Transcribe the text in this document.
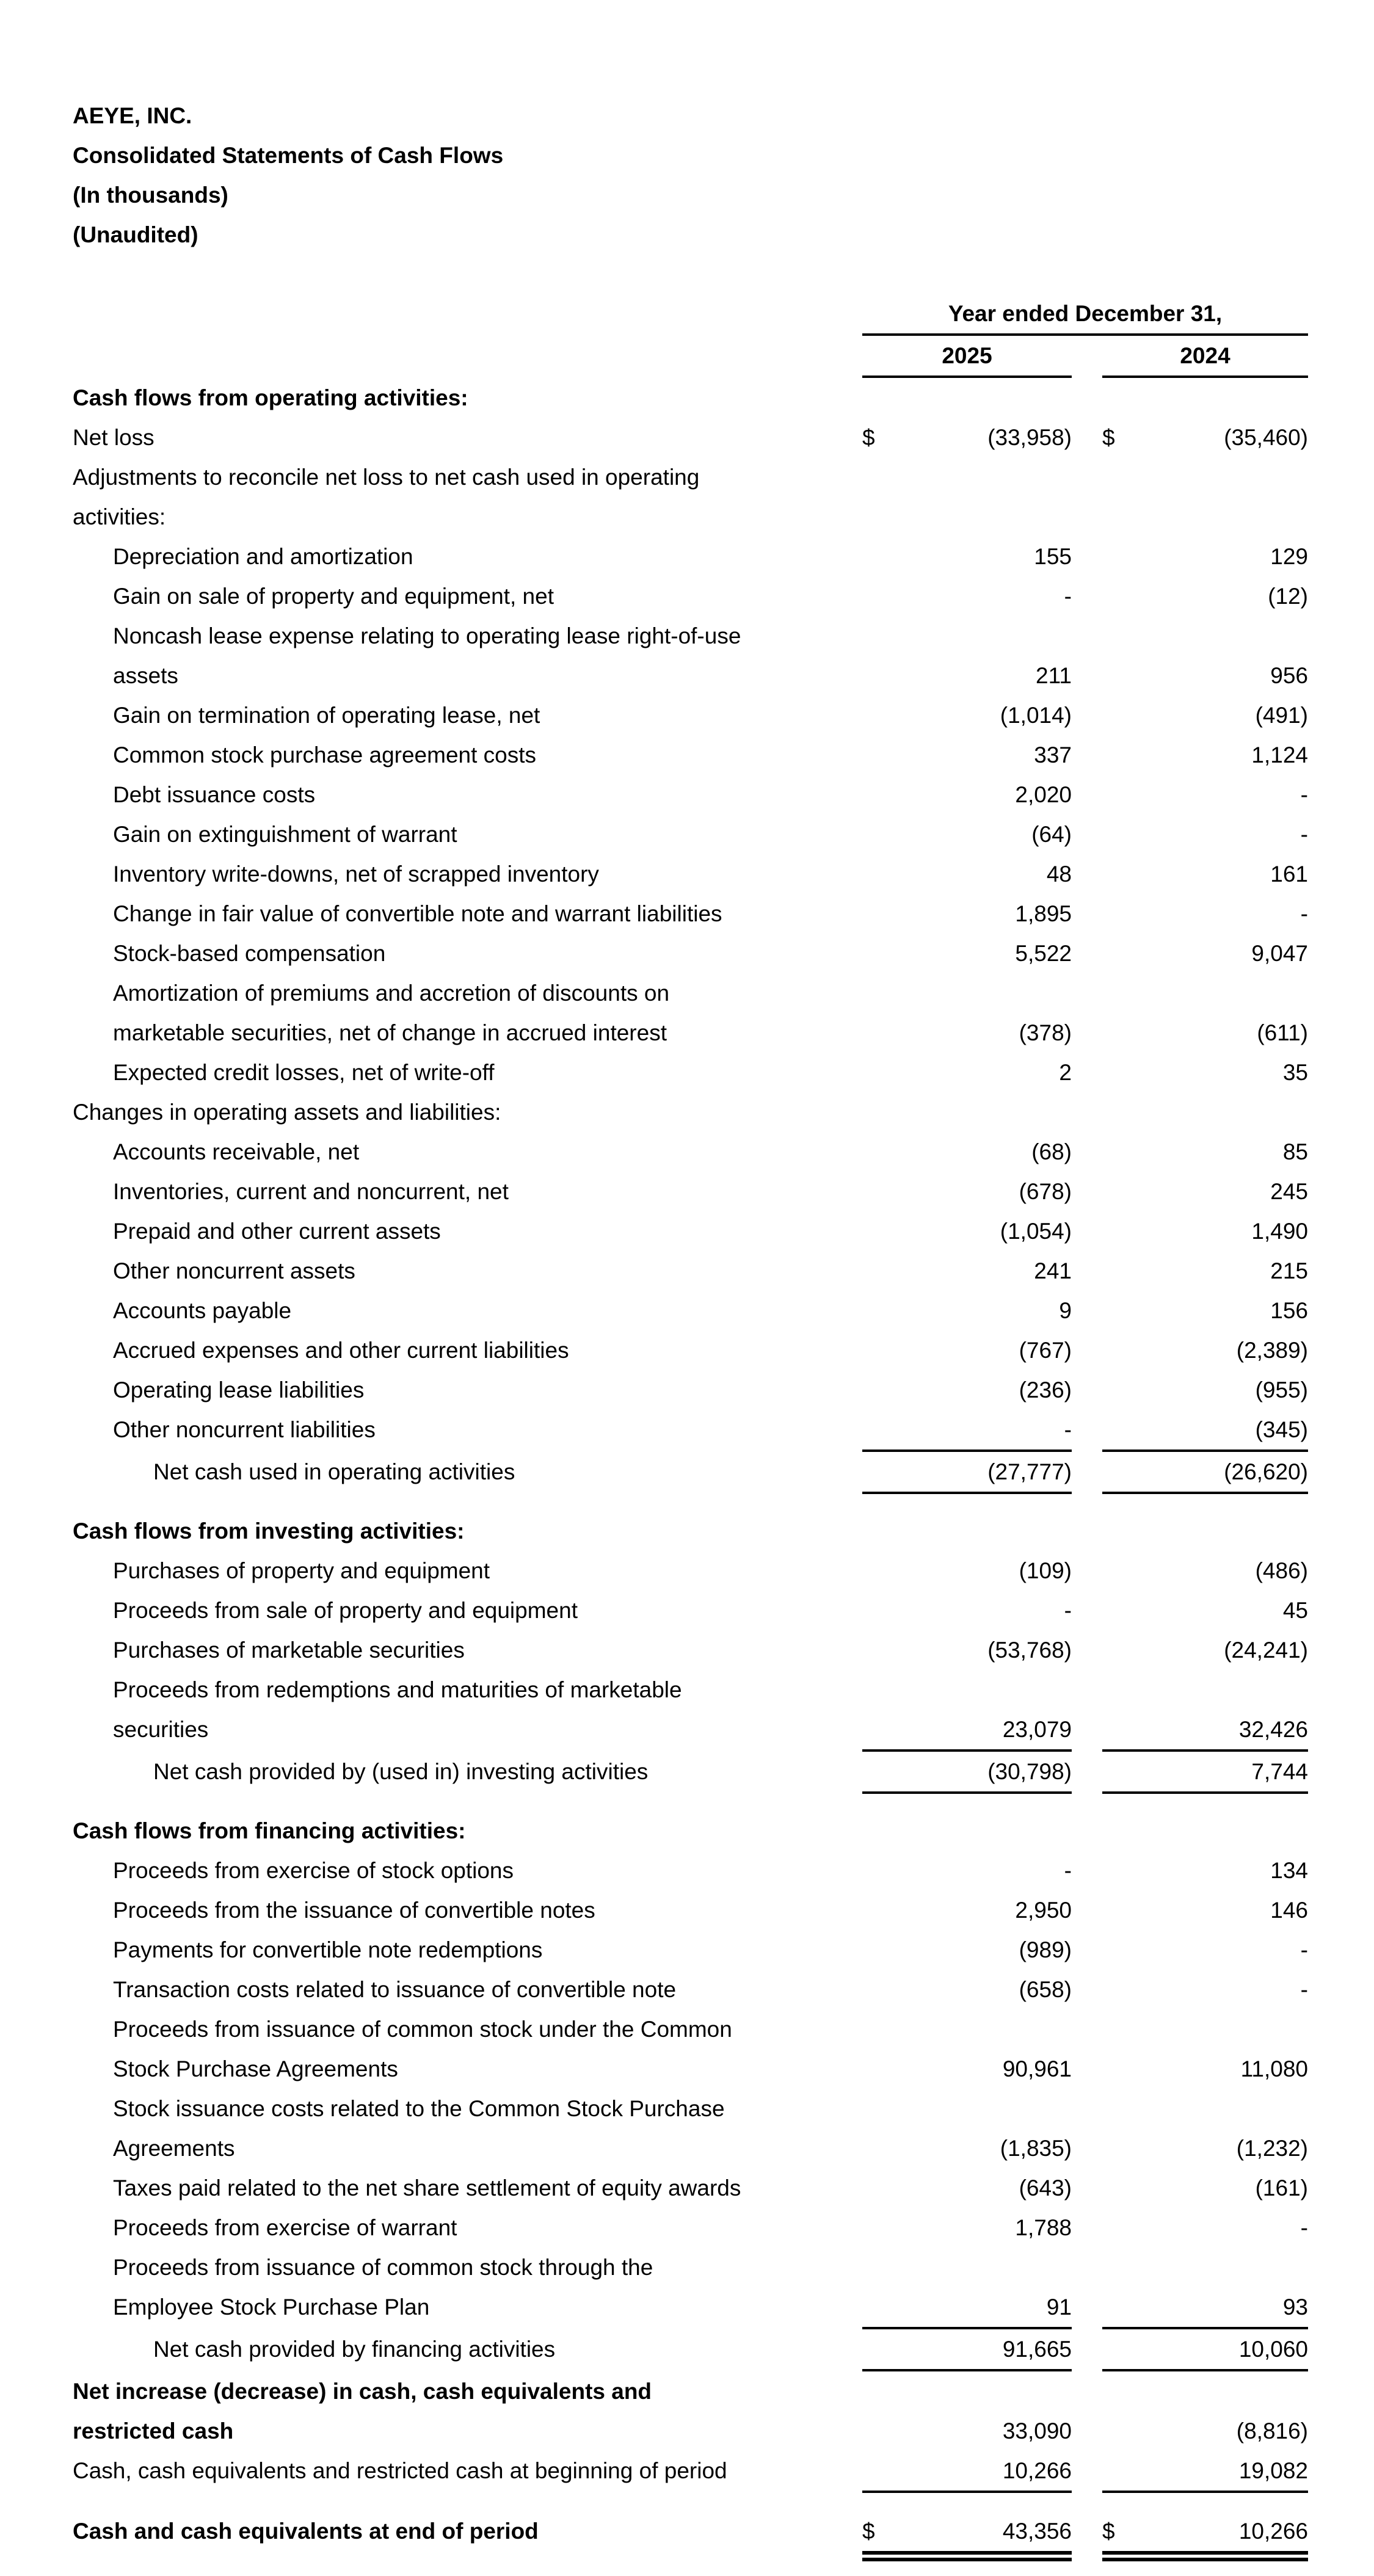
AEYE, INC.
Consolidated Statements of Cash Flows
(In thousands)
(Unaudited)
Year ended December 31,
2025	2024
Cash flows from operating activities:
Net loss	$	(33,958) $	(35,460)
Adjustments to reconcile net loss to net cash used in operating
activities:
Depreciation and amortization	155	129
Gain on sale of property and equipment, net	-	(12)
Noncash lease expense relating to operating lease right-of-use
assets	211	956
Gain on termination of operating lease, net	(1,014)	(491)
Common stock purchase agreement costs	337	1,124
Debt issuance costs	2,020	-
Gain on extinguishment of warrant	(64)	-
Inventory write-downs, net of scrapped inventory	48	161
Change in fair value of convertible note and warrant liabilities	1,895	-
Stock-based compensation	5,522	9,047
Amortization of premiums and accretion of discounts on
marketable securities, net of change in accrued interest	(378)	(611)
Expected credit losses, net of write-off	2	35
Changes in operating assets and liabilities:
Accounts receivable, net	(68)	85
Inventories, current and noncurrent, net	(678)	245
Prepaid and other current assets	(1,054)	1,490
Other noncurrent assets	241	215
Accounts payable	9	156
Accrued expenses and other current liabilities	(767)	(2,389)
Operating lease liabilities	(236)	(955)
Other noncurrent liabilities	-	(345)
Net cash used in operating activities	(27,777)	(26,620)
Cash flows from investing activities:
Purchases of property and equipment	(109)	(486)
Proceeds from sale of property and equipment	-	45
Purchases of marketable securities	(53,768)	(24,241)
Proceeds from redemptions and maturities of marketable
securities	23,079	32,426
Net cash provided by (used in) investing activities	(30,798)	7,744
Cash flows from financing activities:
Proceeds from exercise of stock options	-	134
Proceeds from the issuance of convertible notes	2,950	146
Payments for convertible note redemptions	(989)	-
Transaction costs related to issuance of convertible note	(658)	-
Proceeds from issuance of common stock under the Common
Stock Purchase Agreements	90,961	11,080
Stock issuance costs related to the Common Stock Purchase
Agreements	(1,835)	(1,232)
Taxes paid related to the net share settlement of equity awards	(643)	(161)
Proceeds from exercise of warrant	1,788	-
Proceeds from issuance of common stock through the
Employee Stock Purchase Plan	91	93
Net cash provided by financing activities	91,665	10,060
Net increase (decrease) in cash, cash equivalents and
restricted cash	33,090	(8,816)
Cash, cash equivalents and restricted cash at beginning of period	10,266	19,082
Cash and cash equivalents at end of period	$	43,356 $	10,266
